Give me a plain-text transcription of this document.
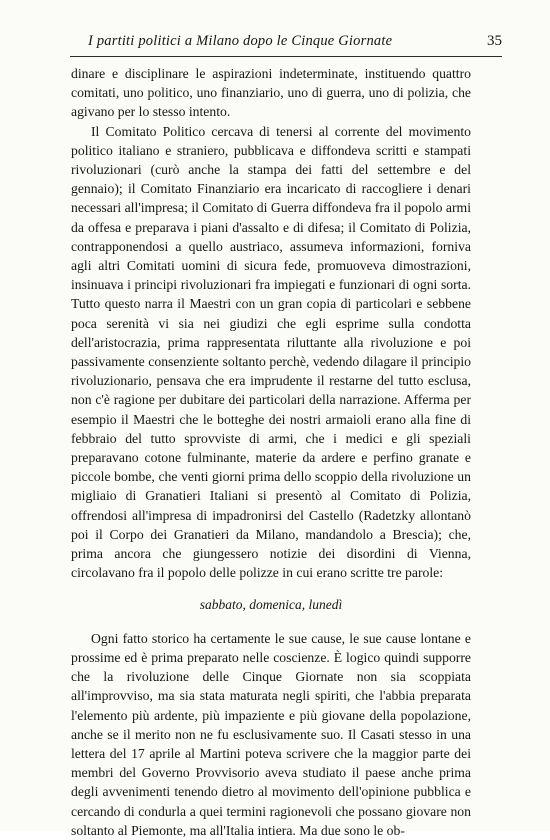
I partiti politici a Milano dopo le Cinque Giornate	35

dinare e disciplinare le aspirazioni indeterminate, instituendo quattro comitati, uno politico, uno finanziario, uno di guerra, uno di polizia, che agivano per lo stesso intento.

Il Comitato Politico cercava di tenersi al corrente del movimento politico italiano e straniero, pubblicava e diffondeva scritti e stampati rivoluzionari (curò anche la stampa dei fatti del settembre e del gennaio); il Comitato Finanziario era incaricato di raccogliere i denari necessari all'impresa; il Comitato di Guerra diffondeva fra il popolo armi da offesa e preparava i piani d'assalto e di difesa; il Comitato di Polizia, contrapponendosi a quello austriaco, assumeva informazioni, forniva agli altri Comitati uomini di sicura fede, promuoveva dimostrazioni, insinuava i principi rivoluzionari fra impiegati e funzionari di ogni sorta. Tutto questo narra il Maestri con un gran copia di particolari e sebbene poca serenità vi sia nei giudizi che egli esprime sulla condotta dell'aristocrazia, prima rappresentata riluttante alla rivoluzione e poi passivamente consenziente soltanto perchè, vedendo dilagare il principio rivoluzionario, pensava che era imprudente il restarne del tutto esclusa, non c'è ragione per dubitare dei particolari della narrazione. Afferma per esempio il Maestri che le botteghe dei nostri armaioli erano alla fine di febbraio del tutto sprovviste di armi, che i medici e gli speziali preparavano cotone fulminante, materie da ardere e perfino granate e piccole bombe, che venti giorni prima dello scoppio della rivoluzione un migliaio di Granatieri Italiani si presentò al Comitato di Polizia, offrendosi all'impresa di impadronirsi del Castello (Radetzky allontanò poi il Corpo dei Granatieri da Milano, mandandolo a Brescia); che, prima ancora che giungessero notizie dei disordini di Vienna, circolavano fra il popolo delle polizze in cui erano scritte tre parole:

sabbato, domenica, lunedì

Ogni fatto storico ha certamente le sue cause, le sue cause lontane e prossime ed è prima preparato nelle coscienze. È logico quindi supporre che la rivoluzione delle Cinque Giornate non sia scoppiata all'improvviso, ma sia stata maturata negli spiriti, che l'abbia preparata l'elemento più ardente, più impaziente e più giovane della popolazione, anche se il merito non ne fu esclusivamente suo. Il Casati stesso in una lettera del 17 aprile al Martini poteva scrivere che la maggior parte dei membri del Governo Provvisorio aveva studiato il paese anche prima degli avvenimenti tenendo dietro al movimento dell'opinione pubblica e cercando di condurla a quei termini ragionevoli che possano giovare non soltanto al Piemonte, ma all'Italia intiera. Ma due sono le ob-
